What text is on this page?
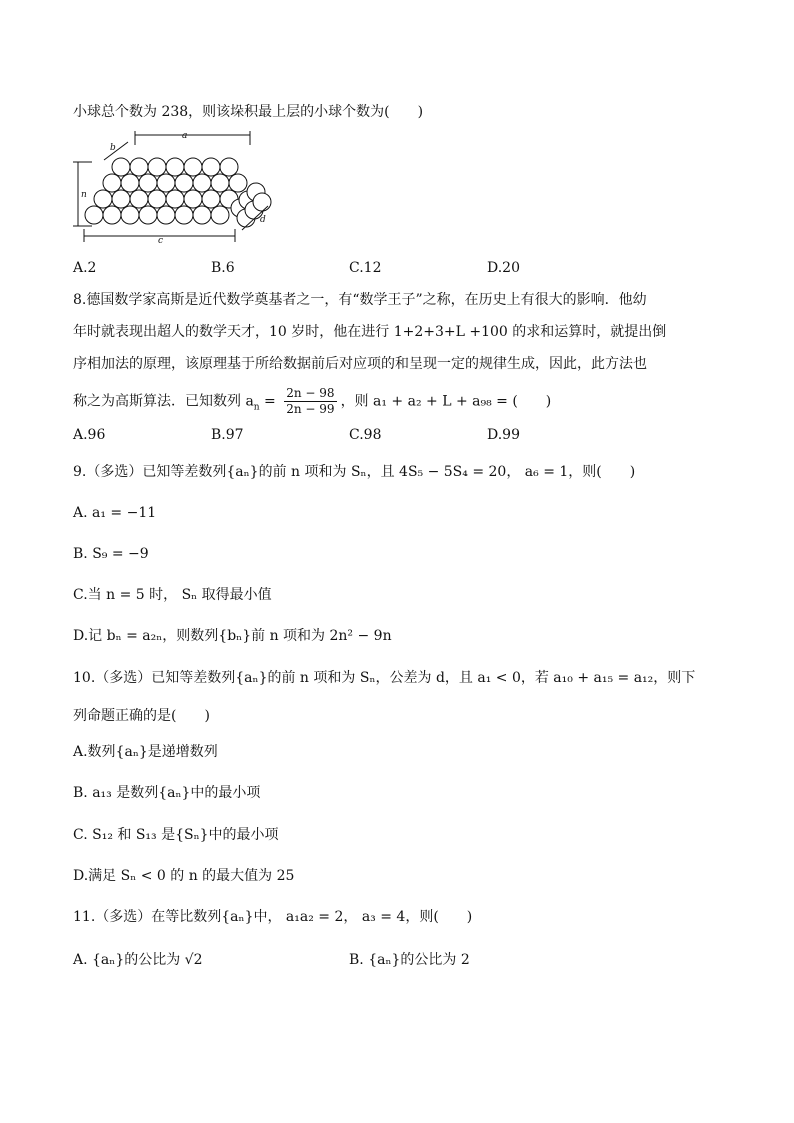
小球总个数为 238，则该垛积最上层的小球个数为(　　)
a
n
c
b
d
A.2	B.6	C.12	D.20
8.德国数学家高斯是近代数学奠基者之一，有“数学王子”之称，在历史上有很大的影响．他幼
年时就表现出超人的数学天才，10 岁时，他在进行 1+2+3+L +100 的求和运算时，就提出倒
序相加法的原理，该原理基于所给数据前后对应项的和呈现一定的规律生成，因此，此方法也
称之为高斯算法．已知数列 $a_n = \frac{2n - 98}{2n - 99}$ ，则 a₁ + a₂ + L + a₉₈ = (　　)
A.96	B.97	C.98	D.99
9.（多选）已知等差数列{aₙ}的前 n 项和为 Sₙ，且 4S₅ − 5S₄ = 20， a₆ = 1，则(　　)
A. a₁ = −11
B. S₉ = −9
C.当 n = 5 时， Sₙ 取得最小值
D.记 bₙ = a₂ₙ，则数列{bₙ}前 n 项和为 2n² − 9n
10.（多选）已知等差数列{aₙ}的前 n 项和为 Sₙ，公差为 d，且 a₁ < 0，若 a₁₀ + a₁₅ = a₁₂，则下
列命题正确的是(　　)
A.数列{aₙ}是递增数列
B. a₁₃ 是数列{aₙ}中的最小项
C. S₁₂ 和 S₁₃ 是{Sₙ}中的最小项
D.满足 Sₙ < 0 的 n 的最大值为 25
11.（多选）在等比数列{aₙ}中， a₁a₂ = 2， a₃ = 4，则(　　)
A. {aₙ}的公比为 √2	B. {aₙ}的公比为 2
